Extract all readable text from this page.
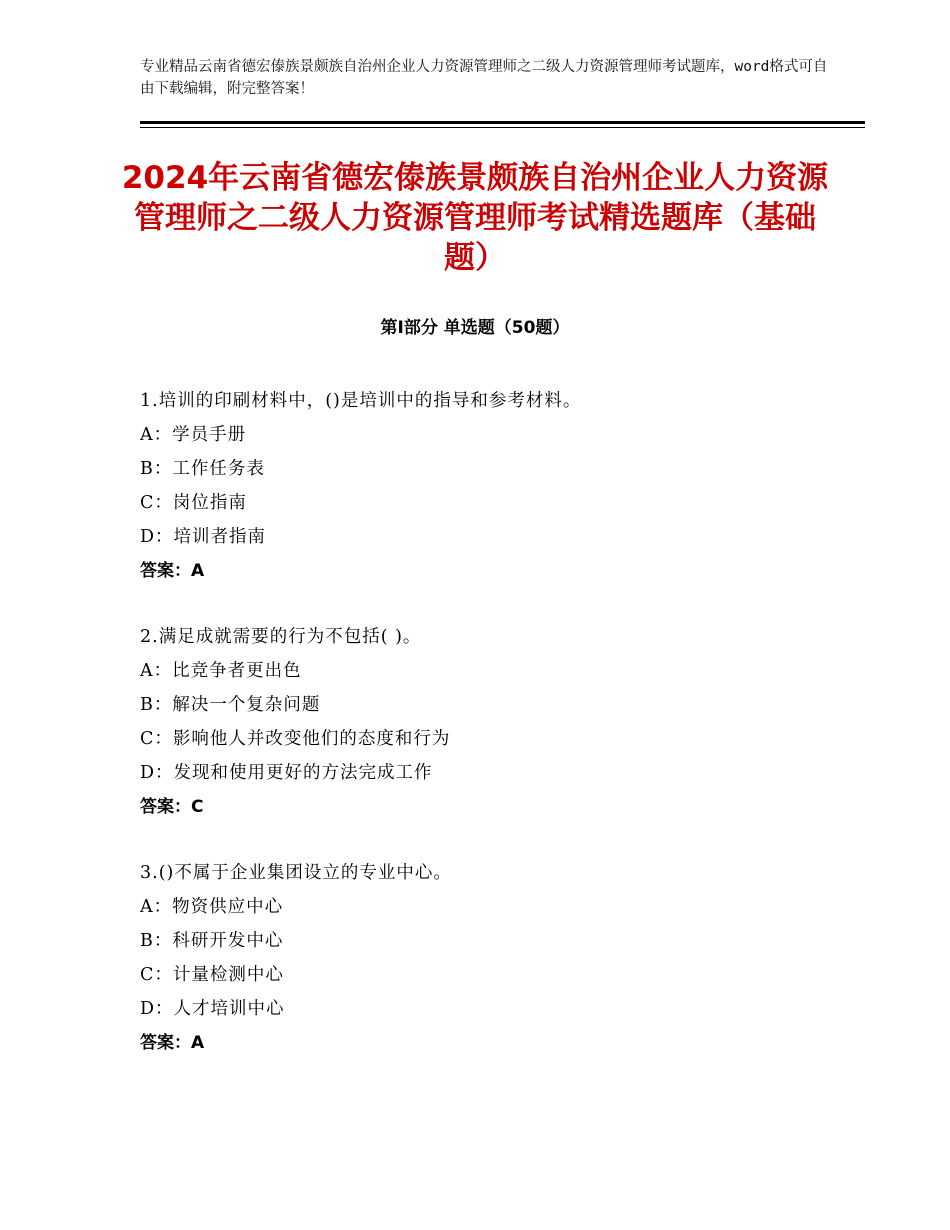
专业精品云南省德宏傣族景颇族自治州企业人力资源管理师之二级人力资源管理师考试题库，word格式可自由下载编辑，附完整答案！
2024年云南省德宏傣族景颇族自治州企业人力资源管理师之二级人力资源管理师考试精选题库（基础题）
第Ⅰ部分 单选题（50题）
1.培训的印刷材料中，()是培训中的指导和参考材料。
A：学员手册
B：工作任务表
C：岗位指南
D：培训者指南
答案：A
2.满足成就需要的行为不包括( )。
A：比竞争者更出色
B：解决一个复杂问题
C：影响他人并改变他们的态度和行为
D：发现和使用更好的方法完成工作
答案：C
3.()不属于企业集团设立的专业中心。
A：物资供应中心
B：科研开发中心
C：计量检测中心
D：人才培训中心
答案：A
